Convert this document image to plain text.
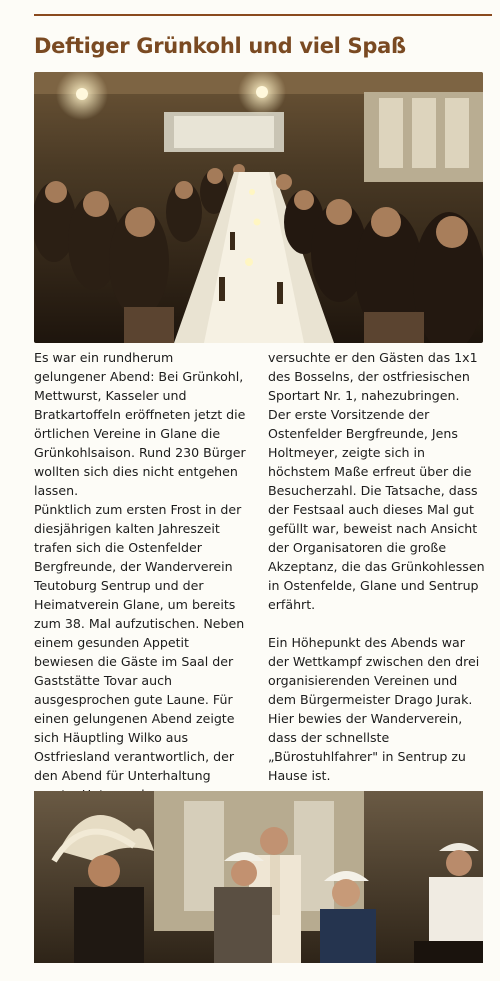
Deftiger Grünkohl und viel Spaß

Es war ein rundherum gelungener Abend: Bei Grünkohl, Mettwurst, Kasseler und Bratkartoffeln eröffneten jetzt die örtlichen Vereine in Glane die Grünkohlsaison. Rund 230 Bürger wollten sich dies nicht entgehen lassen.

Pünktlich zum ersten Frost in der diesjährigen kalten Jahreszeit trafen sich die Ostenfelder Bergfreunde, der Wanderverein Teutoburg Sentrup und der Heimatverein Glane, um bereits zum 38. Mal aufzutischen. Neben einem gesunden Appetit bewiesen die Gäste im Saal der Gaststätte Tovar auch ausgesprochen gute Laune. Für einen gelungenen Abend zeigte sich Häuptling Wilko aus Ostfriesland verantwortlich, der den Abend für Unterhaltung

versuchte er den Gästen das 1x1 des Bosselns, der ostfriesischen Sportart Nr. 1, nahezubringen.

Der erste Vorsitzende der Ostenfelder Bergfreunde, Jens Holtmeyer, zeigte sich in höchstem Maße erfreut über die Besucherzahl. Die Tatsache, dass der Festsaal auch dieses Mal gut gefüllt war, beweist nach Ansicht der Organisatoren die große Akzeptanz, die das Grünkohlessen in Ostenfelde, Glane und Sentrup erfährt.

Ein Höhepunkt des Abends war der Wettkampf zwischen den drei organisierenden Vereinen und dem Bürgermeister Drago Jurak. Hier bewies der Wanderverein, dass der schnellste „Bürostuhlfahrer" in Sentrup zu Hause ist.
